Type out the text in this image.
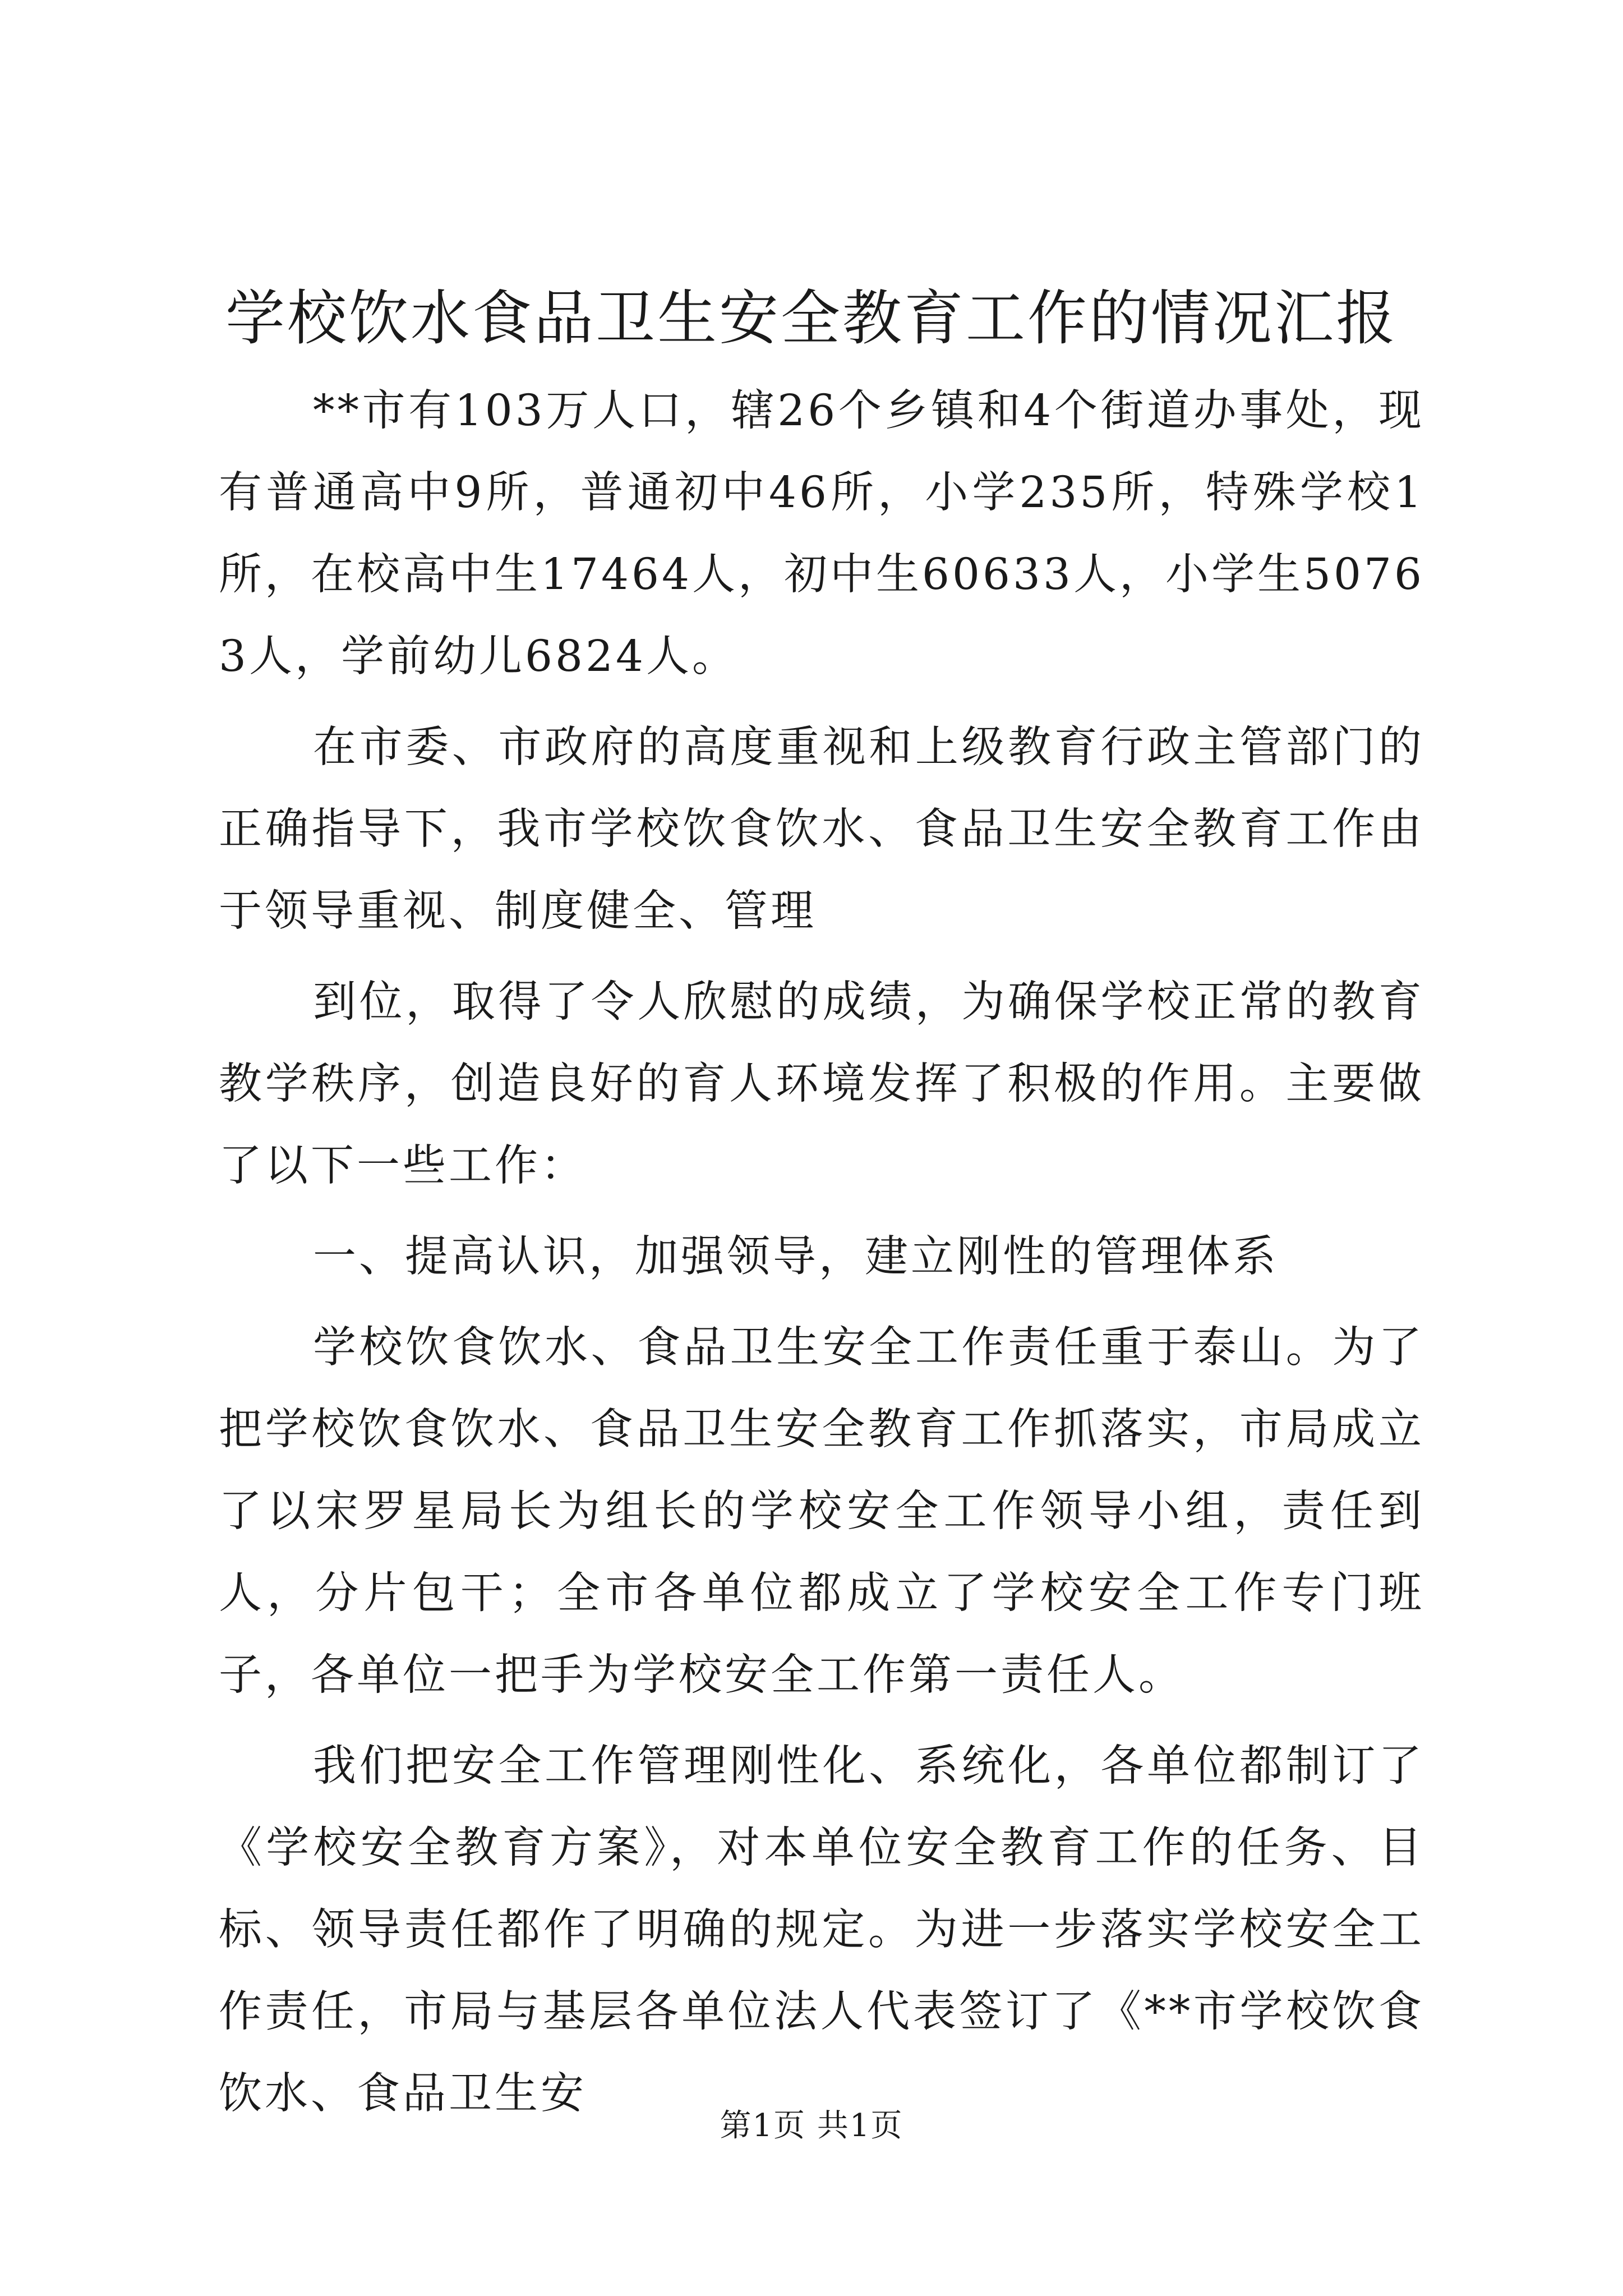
学校饮水食品卫生安全教育工作的情况汇报

**市有103万人口，辖26个乡镇和4个街道办事处，现有普通高中9所，普通初中46所，小学235所，特殊学校1所，在校高中生17464人，初中生60633人，小学生50763人，学前幼儿6824人。

在市委、市政府的高度重视和上级教育行政主管部门的正确指导下，我市学校饮食饮水、食品卫生安全教育工作由于领导重视、制度健全、管理

到位，取得了令人欣慰的成绩，为确保学校正常的教育教学秩序，创造良好的育人环境发挥了积极的作用。主要做了以下一些工作：

一、提高认识，加强领导，建立刚性的管理体系

学校饮食饮水、食品卫生安全工作责任重于泰山。为了把学校饮食饮水、食品卫生安全教育工作抓落实，市局成立了以宋罗星局长为组长的学校安全工作领导小组，责任到人，分片包干；全市各单位都成立了学校安全工作专门班子，各单位一把手为学校安全工作第一责任人。

我们把安全工作管理刚性化、系统化，各单位都制订了《学校安全教育方案》，对本单位安全教育工作的任务、目标、领导责任都作了明确的规定。为进一步落实学校安全工作责任，市局与基层各单位法人代表签订了《**市学校饮食饮水、食品卫生安

第1页 共1页
